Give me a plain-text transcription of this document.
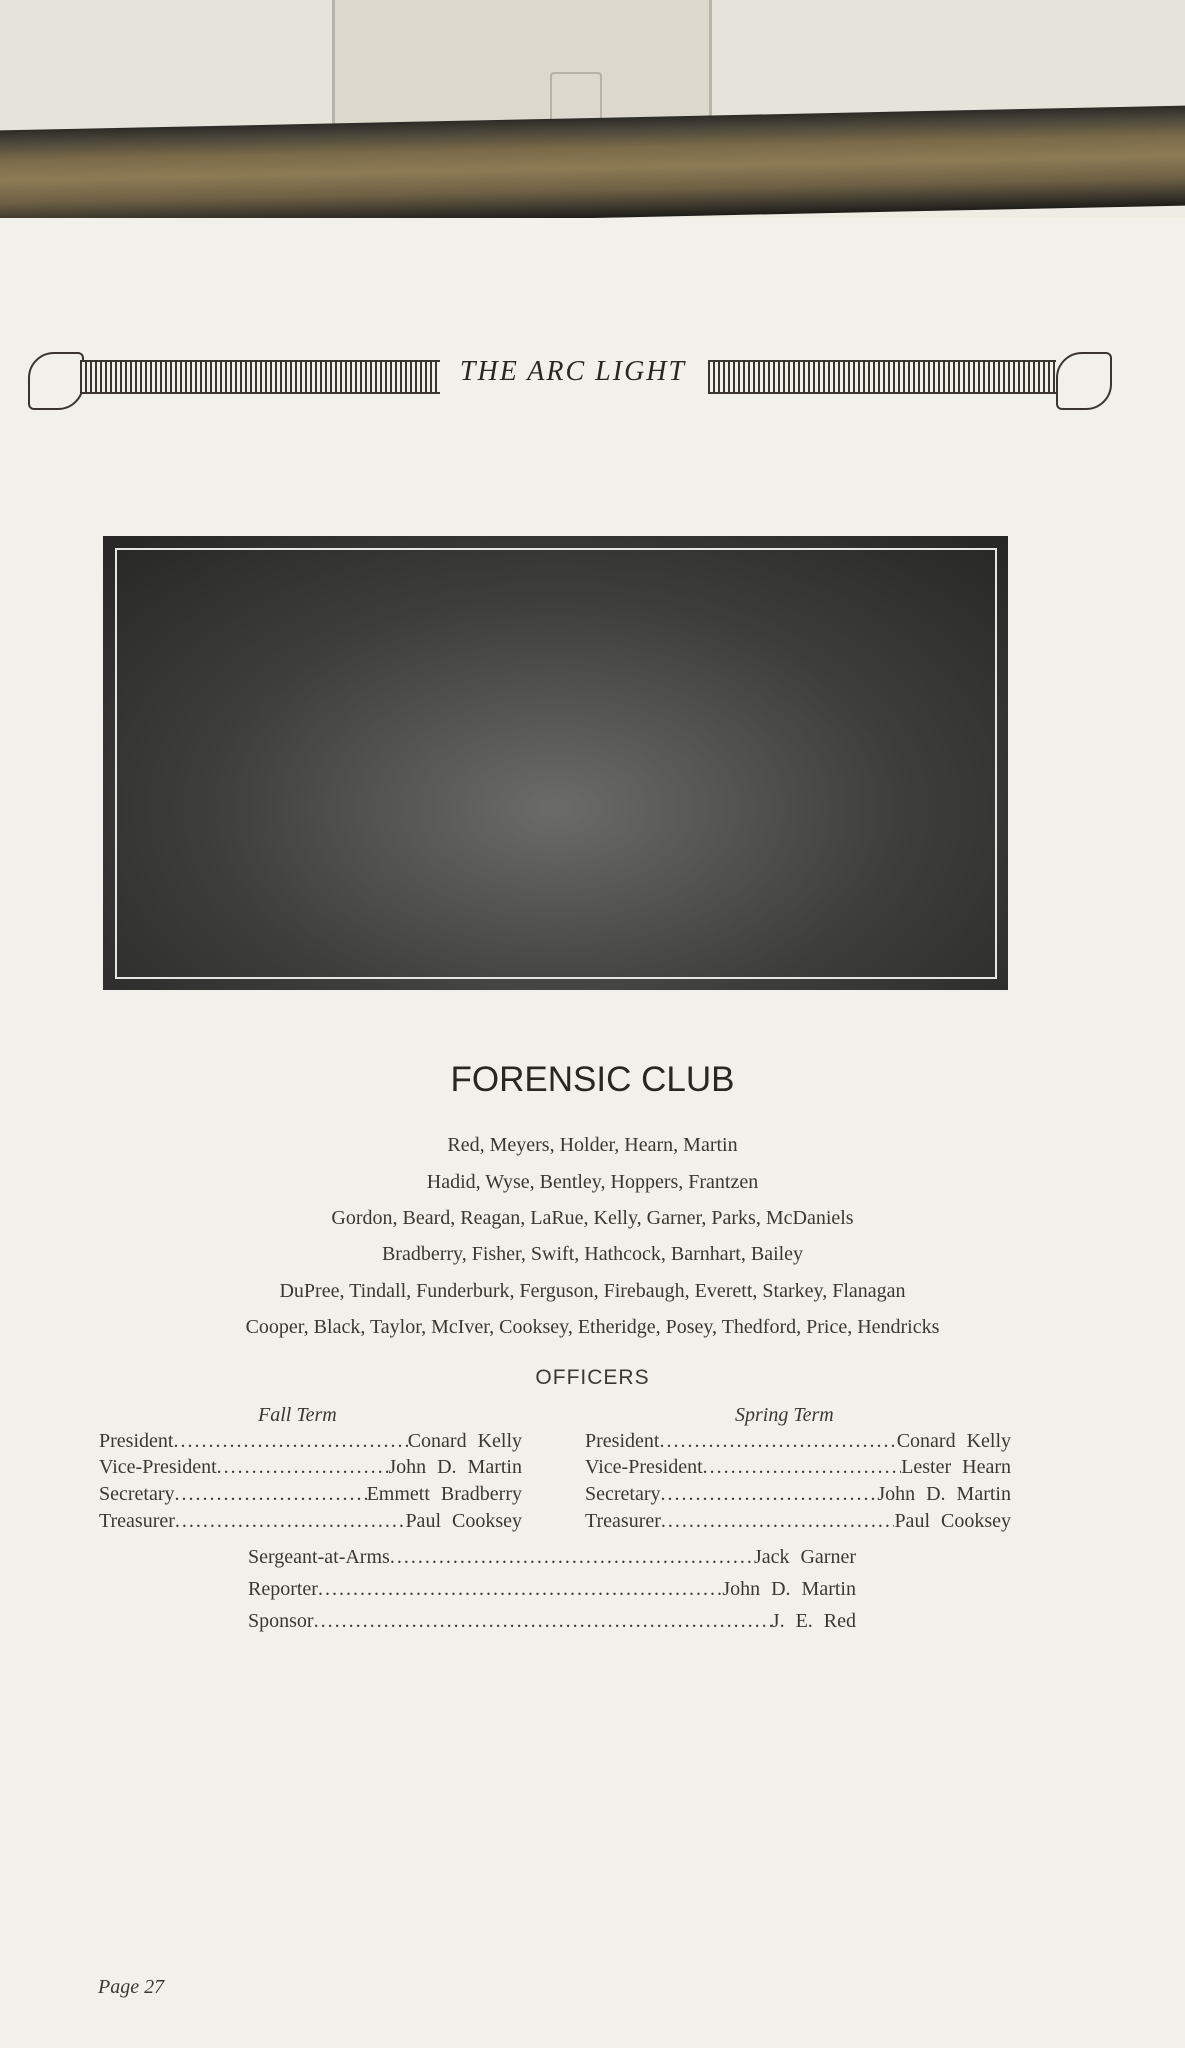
THE ARC LIGHT
FORENSIC CLUB
Red, Meyers, Holder, Hearn, Martin
Hadid, Wyse, Bentley, Hoppers, Frantzen
Gordon, Beard, Reagan, LaRue, Kelly, Garner, Parks, McDaniels
Bradberry, Fisher, Swift, Hathcock, Barnhart, Bailey
DuPree, Tindall, Funderburk, Ferguson, Firebaugh, Everett, Starkey, Flanagan
Cooper, Black, Taylor, McIver, Cooksey, Etheridge, Posey, Thedford, Price, Hendricks
OFFICERS
Fall Term	Spring Term
President .....	Conard Kelly
Vice-President .....	John D. Martin
Secretary .....	Emmett Bradberry
Treasurer .....	Paul Cooksey
President .....	Conard Kelly
Vice-President .....	Lester Hearn
Secretary .....	John D. Martin
Treasurer .....	Paul Cooksey
Sergeant-at-Arms .....	Jack Garner
Reporter .....	John D. Martin
Sponsor .....	J. E. Red
Page 27
